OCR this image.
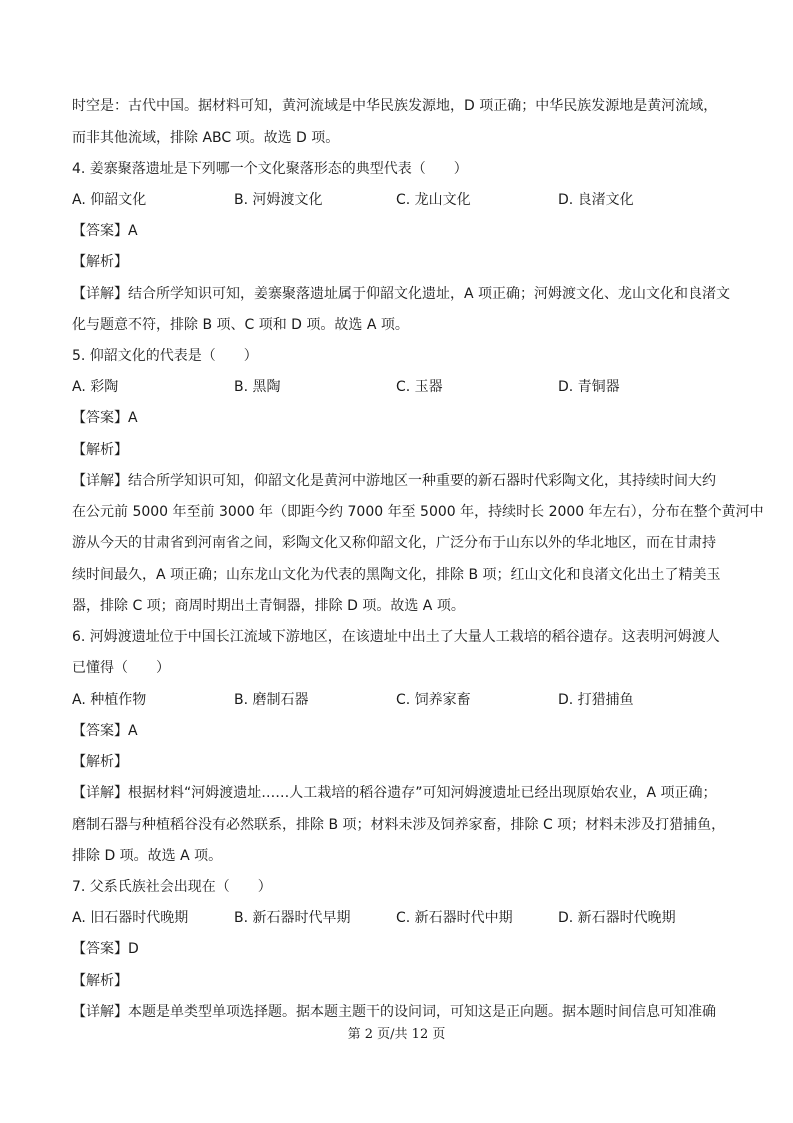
时空是：古代中国。据材料可知，黄河流域是中华民族发源地，D 项正确；中华民族发源地是黄河流域，
而非其他流域，排除 ABC 项。故选 D 项。
4. 姜寨聚落遗址是下列哪一个文化聚落形态的典型代表（　　）
A. 仰韶文化	B. 河姆渡文化	C. 龙山文化	D. 良渚文化
【答案】A
【解析】
【详解】结合所学知识可知，姜寨聚落遗址属于仰韶文化遗址，A 项正确；河姆渡文化、龙山文化和良渚文
化与题意不符，排除 B 项、C 项和 D 项。故选 A 项。
5. 仰韶文化的代表是（　　）
A. 彩陶	B. 黑陶	C. 玉器	D. 青铜器
【答案】A
【解析】
【详解】结合所学知识可知，仰韶文化是黄河中游地区一种重要的新石器时代彩陶文化，其持续时间大约
在公元前 5000 年至前 3000 年（即距今约 7000 年至 5000 年，持续时长 2000 年左右），分布在整个黄河中
游从今天的甘肃省到河南省之间，彩陶文化又称仰韶文化，广泛分布于山东以外的华北地区，而在甘肃持
续时间最久，A 项正确；山东龙山文化为代表的黑陶文化，排除 B 项；红山文化和良渚文化出土了精美玉
器，排除 C 项；商周时期出土青铜器，排除 D 项。故选 A 项。
6. 河姆渡遗址位于中国长江流域下游地区，在该遗址中出土了大量人工栽培的稻谷遗存。这表明河姆渡人
已懂得（　　）
A. 种植作物	B. 磨制石器	C. 饲养家畜	D. 打猎捕鱼
【答案】A
【解析】
【详解】根据材料“河姆渡遗址……人工栽培的稻谷遗存”可知河姆渡遗址已经出现原始农业，A 项正确；
磨制石器与种植稻谷没有必然联系，排除 B 项；材料未涉及饲养家畜，排除 C 项；材料未涉及打猎捕鱼，
排除 D 项。故选 A 项。
7. 父系氏族社会出现在（　　）
A. 旧石器时代晚期	B. 新石器时代早期	C. 新石器时代中期	D. 新石器时代晚期
【答案】D
【解析】
【详解】本题是单类型单项选择题。据本题主题干的设问词，可知这是正向题。据本题时间信息可知准确
第 2 页/共 12 页
